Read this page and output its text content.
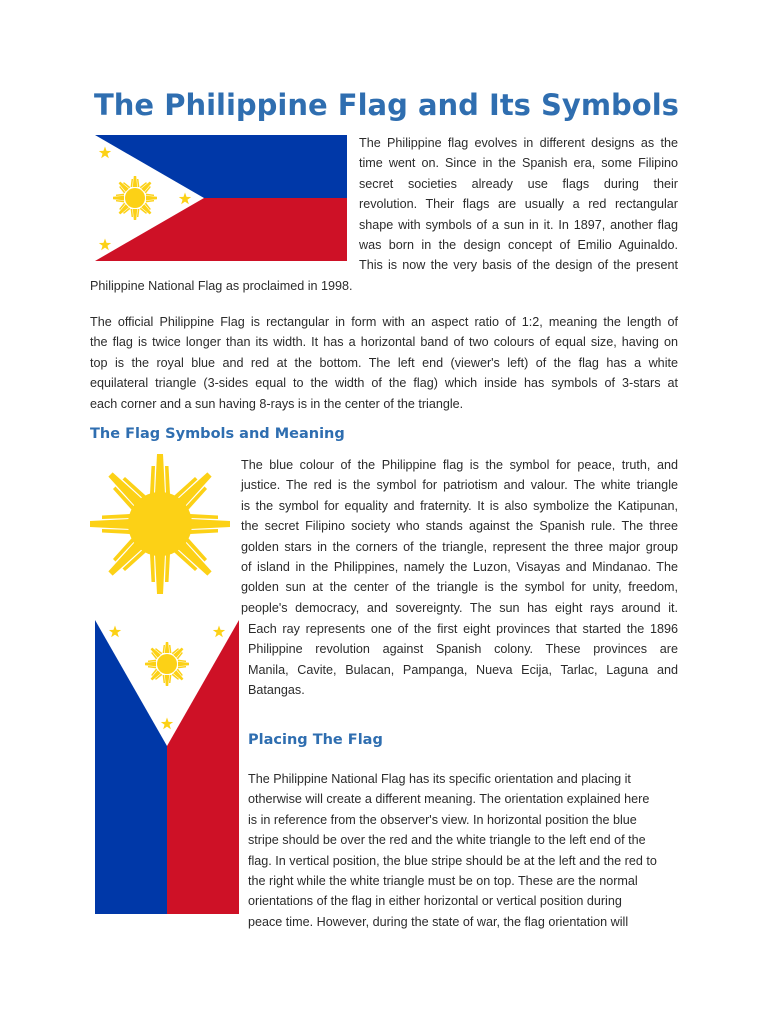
The Philippine Flag and Its Symbols
The Philippine flag evolves in different designs as the
time went on. Since in the Spanish era, some Filipino
secret societies already use flags during their
revolution. Their flags are usually a red rectangular
shape with symbols of a sun in it. In 1897, another flag
was born in the design concept of Emilio Aguinaldo.
This is now the very basis of the design of the present
Philippine National Flag as proclaimed in 1998.
The official Philippine Flag is rectangular in form with an aspect ratio of 1:2, meaning the length of
the flag is twice longer than its width. It has a horizontal band of two colours of equal size, having on
top is the royal blue and red at the bottom. The left end (viewer's left) of the flag has a white
equilateral triangle (3-sides equal to the width of the flag) which inside has symbols of 3-stars at
each corner and a sun having 8-rays is in the center of the triangle.
The Flag Symbols and Meaning
The blue colour of the Philippine flag is the symbol for peace, truth, and
justice. The red is the symbol for patriotism and valour. The white triangle
is the symbol for equality and fraternity. It is also symbolize the Katipunan,
the secret Filipino society who stands against the Spanish rule. The three
golden stars in the corners of the triangle, represent the three major group
of island in the Philippines, namely the Luzon, Visayas and Mindanao. The
golden sun at the center of the triangle is the symbol for unity, freedom,
people's democracy, and sovereignty. The sun has eight rays around it.
Each ray represents one of the first eight provinces that started the 1896
Philippine revolution against Spanish colony. These provinces are
Manila, Cavite, Bulacan, Pampanga, Nueva Ecija, Tarlac, Laguna and
Batangas.
Placing The Flag
The Philippine National Flag has its specific orientation and placing it
otherwise will create a different meaning. The orientation explained here
is in reference from the observer's view. In horizontal position the blue
stripe should be over the red and the white triangle to the left end of the
flag. In vertical position, the blue stripe should be at the left and the red to
the right while the white triangle must be on top. These are the normal
orientations of the flag in either horizontal or vertical position during
peace time. However, during the state of war, the flag orientation will
